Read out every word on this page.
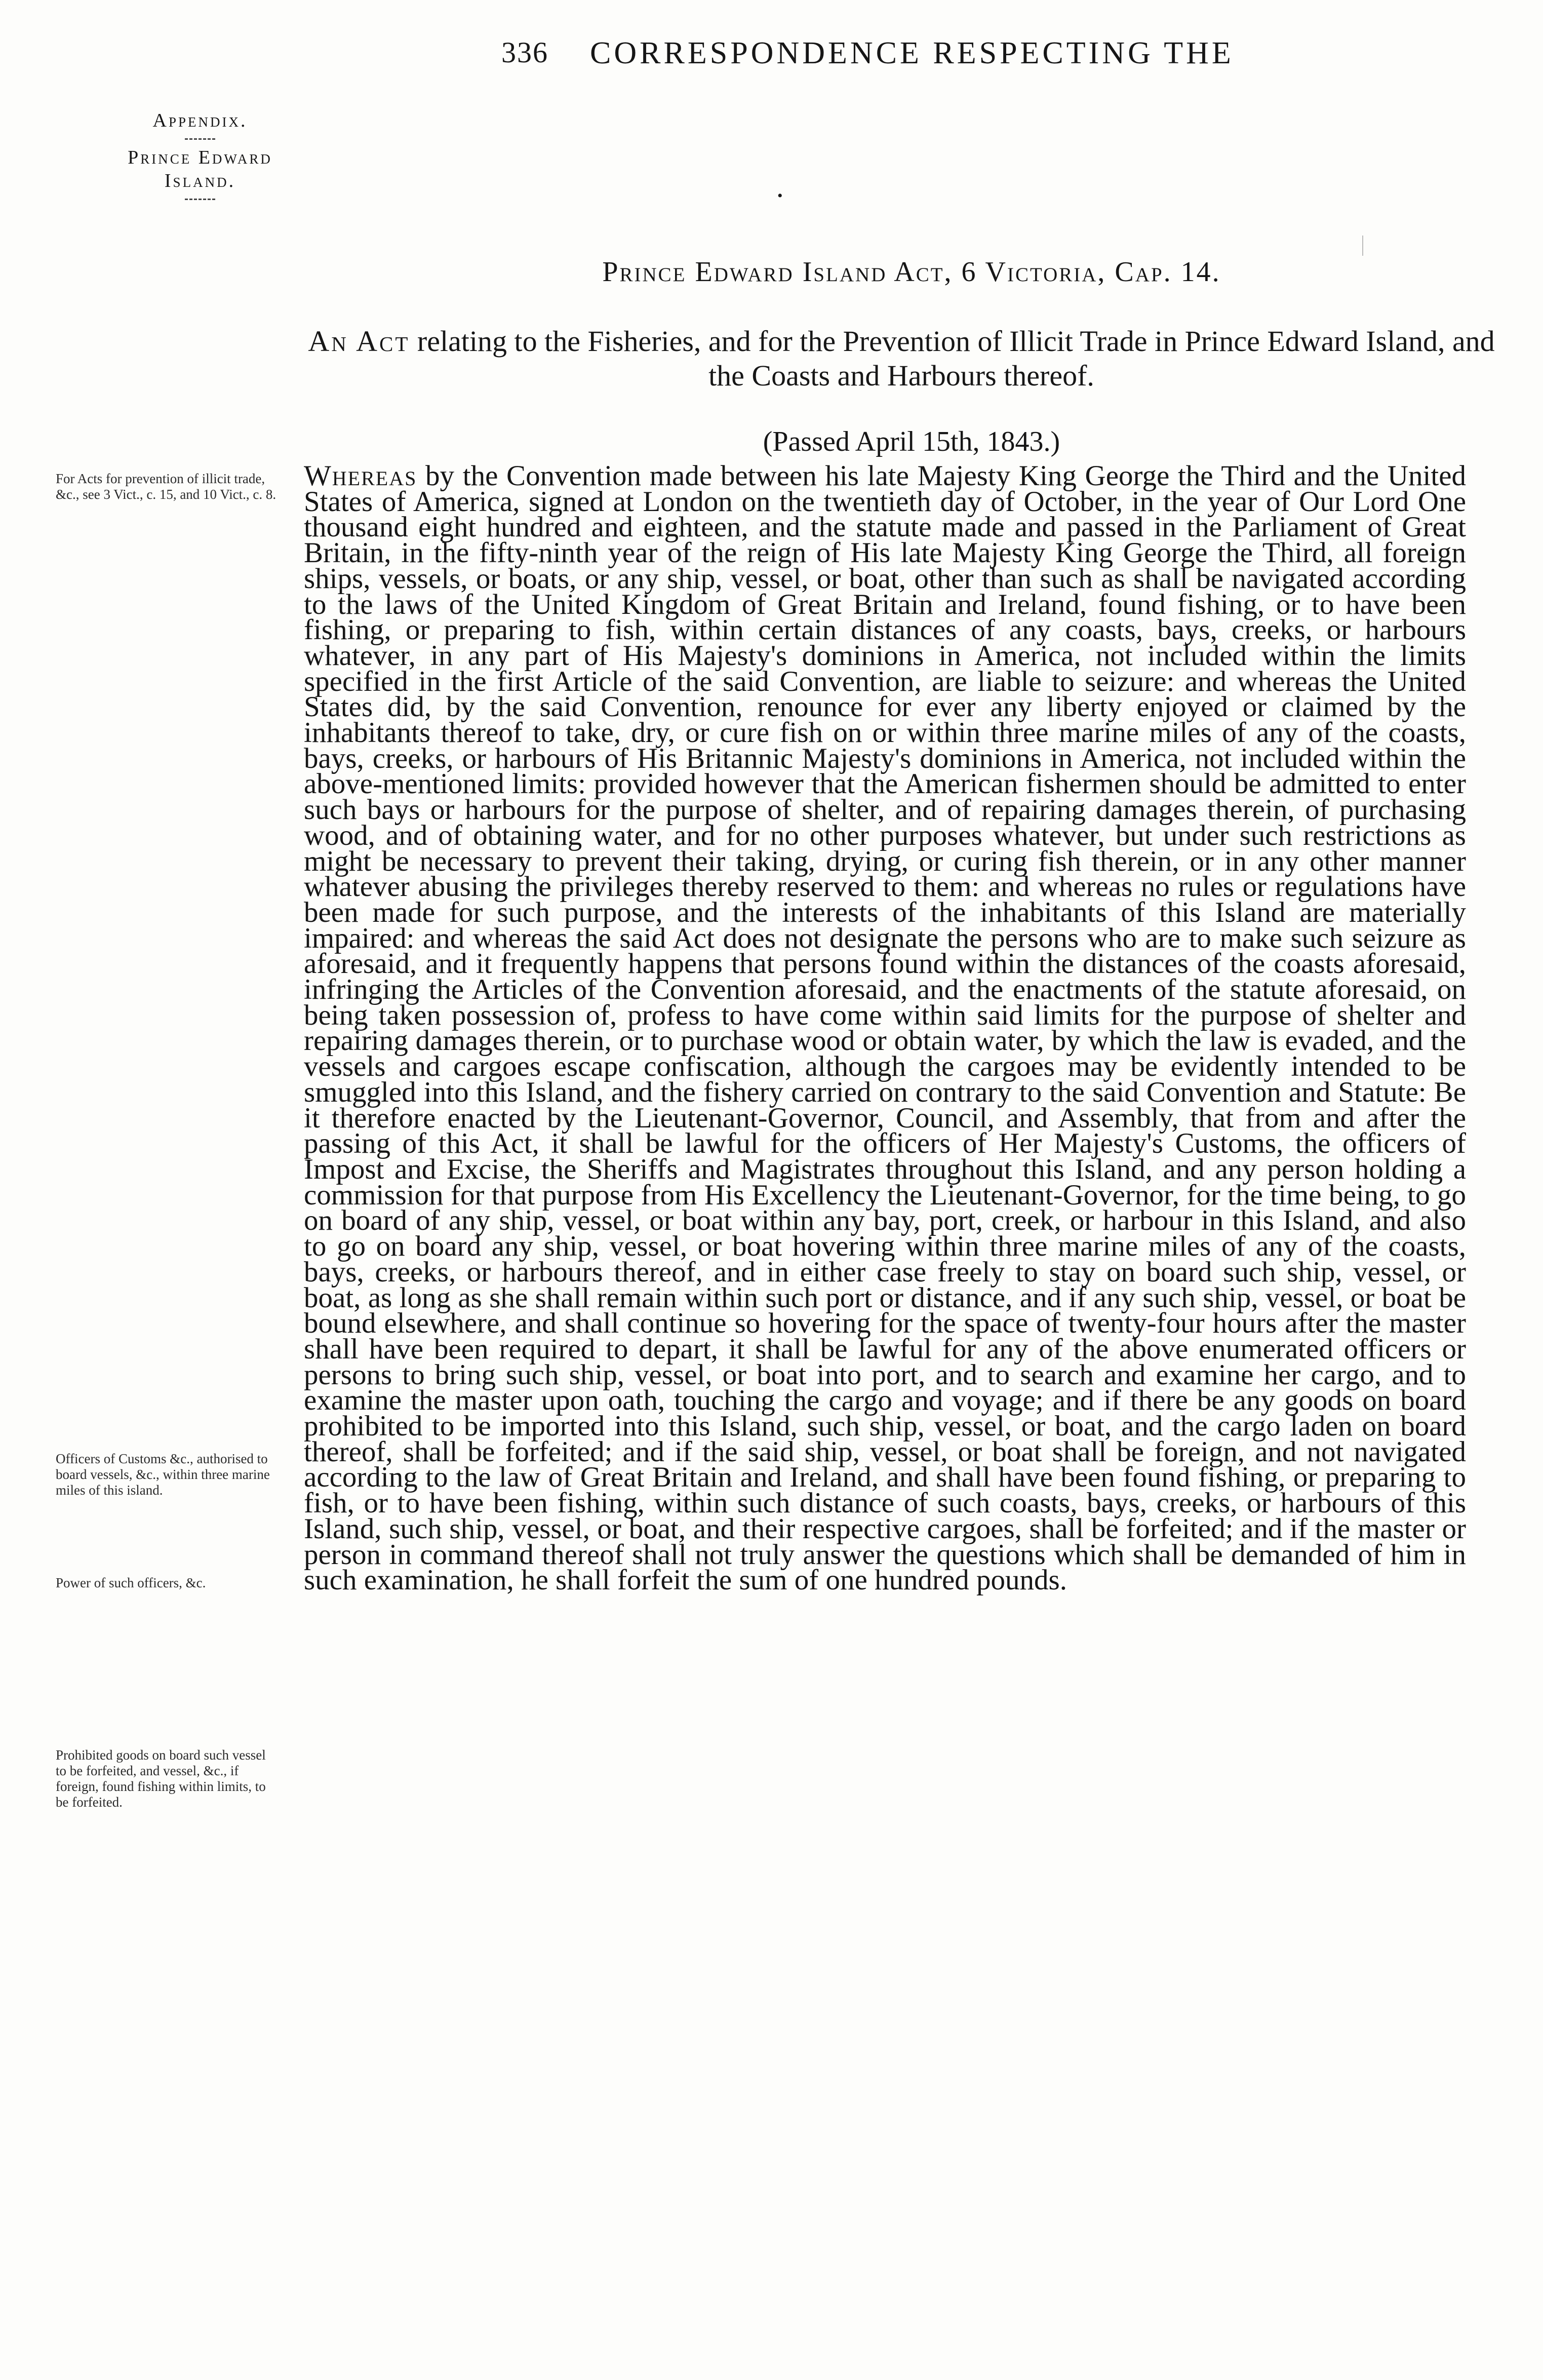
336 CORRESPONDENCE RESPECTING THE
Appendix.
Prince Edward
Island.
•
Prince Edward Island Act, 6 Victoria, Cap. 14.
An Act relating to the Fisheries, and for the Prevention of Illicit Trade in Prince Edward Island, and the Coasts and Harbours thereof.
(Passed April 15th, 1843.)

Whereas by the Convention made between his late Majesty King George the Third and the United States of America, signed at London on the twentieth day of October, in the year of Our Lord One thousand eight hundred and eighteen, and the statute made and passed in the Parliament of Great Britain, in the fifty-ninth year of the reign of His late Majesty King George the Third, all foreign ships, vessels, or boats, or any ship, vessel, or boat, other than such as shall be navigated according to the laws of the United Kingdom of Great Britain and Ireland, found fishing, or to have been fishing, or preparing to fish, within certain distances of any coasts, bays, creeks, or harbours whatever, in any part of His Majesty's dominions in America, not included within the limits specified in the first Article of the said Convention, are liable to seizure: and whereas the United States did, by the said Convention, renounce for ever any liberty enjoyed or claimed by the inhabitants thereof to take, dry, or cure fish on or within three marine miles of any of the coasts, bays, creeks, or harbours of His Britannic Majesty's dominions in America, not included within the above-mentioned limits: provided however that the American fishermen should be admitted to enter such bays or harbours for the purpose of shelter, and of repairing damages therein, of purchasing wood, and of obtaining water, and for no other purposes whatever, but under such restrictions as might be necessary to prevent their taking, drying, or curing fish therein, or in any other manner whatever abusing the privileges thereby reserved to them: and whereas no rules or regulations have been made for such purpose, and the interests of the inhabitants of this Island are materially impaired: and whereas the said Act does not designate the persons who are to make such seizure as aforesaid, and it frequently happens that persons found within the distances of the coasts aforesaid, infringing the Articles of the Convention aforesaid, and the enactments of the statute aforesaid, on being taken possession of, profess to have come within said limits for the purpose of shelter and repairing damages therein, or to purchase wood or obtain water, by which the law is evaded, and the vessels and cargoes escape confiscation, although the cargoes may be evidently intended to be smuggled into this Island, and the fishery carried on contrary to the said Convention and Statute: Be it therefore enacted by the Lieutenant-Governor, Council, and Assembly, that from and after the passing of this Act, it shall be lawful for the officers of Her Majesty's Customs, the officers of Impost and Excise, the Sheriffs and Magistrates throughout this Island, and any person holding a commission for that purpose from His Excellency the Lieutenant-Governor, for the time being, to go on board of any ship, vessel, or boat within any bay, port, creek, or harbour in this Island, and also to go on board any ship, vessel, or boat hovering within three marine miles of any of the coasts, bays, creeks, or harbours thereof, and in either case freely to stay on board such ship, vessel, or boat, as long as she shall remain within such port or distance, and if any such ship, vessel, or boat be bound elsewhere, and shall continue so hovering for the space of twenty-four hours after the master shall have been required to depart, it shall be lawful for any of the above enumerated officers or persons to bring such ship, vessel, or boat into port, and to search and examine her cargo, and to examine the master upon oath, touching the cargo and voyage; and if there be any goods on board prohibited to be imported into this Island, such ship, vessel, or boat, and the cargo laden on board thereof, shall be forfeited; and if the said ship, vessel, or boat shall be foreign, and not navigated according to the law of Great Britain and Ireland, and shall have been found fishing, or preparing to fish, or to have been fishing, within such distance of such coasts, bays, creeks, or harbours of this Island, such ship, vessel, or boat, and their respective cargoes, shall be forfeited; and if the master or person in command thereof shall not truly answer the questions which shall be demanded of him in such examination, he shall forfeit the sum of one hundred pounds.

For Acts for prevention of illicit trade, &c., see 3 Vict., c. 15, and 10 Vict., c. 8.
Officers of Customs &c., authorised to board vessels, &c., within three marine miles of this island.
Power of such officers, &c.
Prohibited goods on board such vessel to be forfeited, and vessel, &c., if foreign, found fishing within limits, to be forfeited.
